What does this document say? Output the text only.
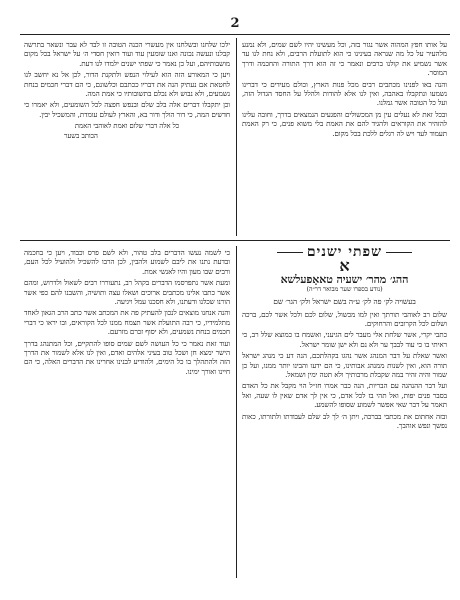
2

על אותו חפץ המהוה אשר נגזר בזה, וכל מעשינו יהיו לשם שמים, ולא נמנע מלהעיר על כל מה שנראה בעינינו כי הוא לתועלת הרבים, ולא נחת לנו עד אשר נשמיע את קולנו ברבים ונאמר כי זה הוא דרך התורה והחכמה ודרך המוסר.

והנה באו לפנינו מכתבים רבים מכל פנות הארץ, וכולם מעידים כי דברינו נשמעו ונתקבלו באהבה, ואין לנו אלא להודות ולהלל על החסד הגדול הזה, ועל כל הטובה אשר גמלנו.

ובכל זאת לא נעלים עין מן המכשולים והפגעים הנמצאים בדרך, וחובה עלינו להזהיר את הקוראים ולהגיד להם את האמת בלי משוא פנים, כי רק האמת תעמוד לעד ויש לה רגלים ללכת בכל מקום.

ילכו שלחנו ובשלחנו אין מעשרי הכנה הטובה זו לבד לא עבר ונשאר בתרשה קבלנו ונעשה נכונה ואנו שומעין עוד ועוד רואין חסדי ה׳ על ישראל בכל מקום מושבותיהם, ועל כן נאמר כי שפתי ישנים ילמדו לנו דעת.

ויען כי המאורע הזה הוא לעילוי הנפש ולתקנת הדור, לכן אל נא יחשב לנו לחטאת אם נעתיק הנה את דבריו ככתבם וכלשונם, כי הם דברי חכמים בנחת נשמעים, ולא נבוש ולא נכלם בתשובותיו כי אמת המה.

וכן יתקבלו דברים אלה בלב שלם ובנפש חפצה לכל השומעים, ולא יאמרו כי חדשים המה, כי דור הולך ודור בא, והארץ לעולם עומדת, והמשכיל יבין.

כל אלה דברי שלום ואמת לאוהבי האמת
הכותב בשער
שפתי ישנים
א
ההג׳ מהר׳ ישעיה טאאָפעלשא
(נודע בספרו שער מבואר דר״ה)
בעשויה לק׳ פה לק׳ ע״ה בשם ישראל ולק׳ הגר׳ שם

שלום רב לאוהבי תורתך ואין למו מכשול, שלום לכם ולכל אשר לכם, ברכה ושלום לכל הקרובים והרחוקים.

כתבי יקרי, אשר שלחת אלי מעבר לים הגיעני, ואשמח בו כמוצא שלל רב, כי ראיתי בו כי עוד לבבך ער ולא נם ולא ישן שומר ישראל.

ואשר שאלת על דבר המנהג אשר נהגו בקהלתכם, הנה דע כי מנהג ישראל תורה הוא, ואין לשנות ממנהג אבותינו, כי הם ידעו והבינו יותר ממנו, ועל כן שמור והיה זהיר במה שקבלת מרבותיך ולא תטה ימין ושמאל.

ועל דבר ההנהגה עם הבריות, הנה כבר אמרו חז״ל הוי מקבל את כל האדם בסבר פנים יפות, ואל תהי בז לכל אדם, כי אין לך אדם שאין לו שעה, ואל תאמר על דבר שאי אפשר לשמוע שסופו להשמע.

ובזה אחתום את מכתבי בברכה, ויתן ה׳ לך לב שלם לעבודתו ולתורתו, כאות נפשך ונפש אוהבך.

כי לשמה נעשו הדברים בלב טהור, ולא לשם פרס וכבוד, ויען כי בחכמה ובדעת נתנו את ליבם לשמוע ולהבין, לכן הרבו להשכיל ולהועיל לכל העם, ורבים שבו מעון והיו לאנשי אמת.

ומעת אשר נתפרסמו הדברים בקהל רב, נתעוררו רבים לשאול ולדרוש, ומהם אשר כתבו אלינו מכתבים ארוכים ושאלו עצה ותושיה, והשבנו להם כפי אשר הורנו שכלנו ודעתנו, ולא חסכנו עמל ויגיעה.

והנה אנחנו מוצאים לנכון להעתיק פה את המכתב אשר כתב הרב הגאון לאחד מתלמידיו, כי רבה התועלת אשר תצמח ממנו לכל הקוראים, ובו יראו כי דברי חכמים בנחת נשמעים, ולא יסוף זכרם מזרעם.

ועוד זאת נאמר כי כל העושה לשם שמים סופו להתקיים, וכל המתנהג בדרך הישר ימצא חן ושכל טוב בעיני אלהים ואדם, ואין לנו אלא לשמור את הדרך הזה ולהתהלך בו כל הימים, ולהודיע לבנינו אחרינו את הדברים האלה, כי הם חיינו ואורך ימינו.
